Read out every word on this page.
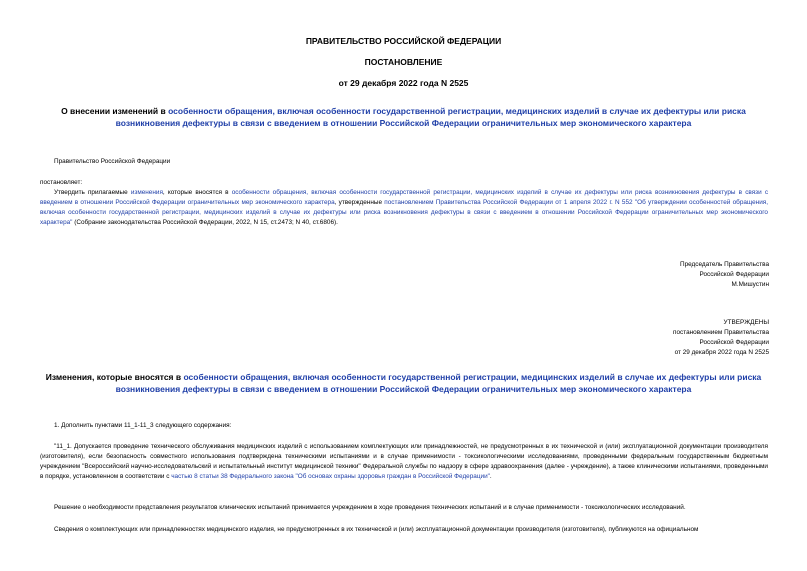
ПРАВИТЕЛЬСТВО РОССИЙСКОЙ ФЕДЕРАЦИИ
ПОСТАНОВЛЕНИЕ
от 29 декабря 2022 года N 2525
О внесении изменений в особенности обращения, включая особенности государственной регистрации, медицинских изделий в случае их дефектуры или риска возникновения дефектуры в связи с введением в отношении Российской Федерации ограничительных мер экономического характера
Правительство Российской Федерации
постановляет:
Утвердить прилагаемые изменения, которые вносятся в особенности обращения, включая особенности государственной регистрации, медицинских изделий в случае их дефектуры или риска возникновения дефектуры в связи с введением в отношении Российской Федерации ограничительных мер экономического характера, утвержденные постановлением Правительства Российской Федерации от 1 апреля 2022 г. N 552 "Об утверждении особенностей обращения, включая особенности государственной регистрации, медицинских изделий в случае их дефектуры или риска возникновения дефектуры в связи с введением в отношении Российской Федерации ограничительных мер экономического характера" (Собрание законодательства Российской Федерации, 2022, N 15, ст.2473; N 40, ст.6806).
Председатель Правительства
Российской Федерации
М.Мишустин
УТВЕРЖДЕНЫ
постановлением Правительства
Российской Федерации
от 29 декабря 2022 года N 2525
Изменения, которые вносятся в особенности обращения, включая особенности государственной регистрации, медицинских изделий в случае их дефектуры или риска возникновения дефектуры в связи с введением в отношении Российской Федерации ограничительных мер экономического характера
1. Дополнить пунктами 11_1-11_3 следующего содержания:
"11_1. Допускается проведение технического обслуживания медицинских изделий с использованием комплектующих или принадлежностей, не предусмотренных в их технической и (или) эксплуатационной документации производителя (изготовителя), если безопасность совместного использования подтверждена техническими испытаниями и в случае применимости - токсикологическими исследованиями, проведенными федеральным государственным бюджетным учреждением "Всероссийский научно-исследовательский и испытательный институт медицинской техники" Федеральной службы по надзору в сфере здравоохранения (далее - учреждение), а также клиническими испытаниями, проведенными в порядке, установленном в соответствии с частью 8 статьи 38 Федерального закона "Об основах охраны здоровья граждан в Российской Федерации".
Решение о необходимости представления результатов клинических испытаний принимается учреждением в ходе проведения технических испытаний и в случае применимости - токсикологических исследований.
Сведения о комплектующих или принадлежностях медицинского изделия, не предусмотренных в их технической и (или) эксплуатационной документации производителя (изготовителя), публикуются на официальном
